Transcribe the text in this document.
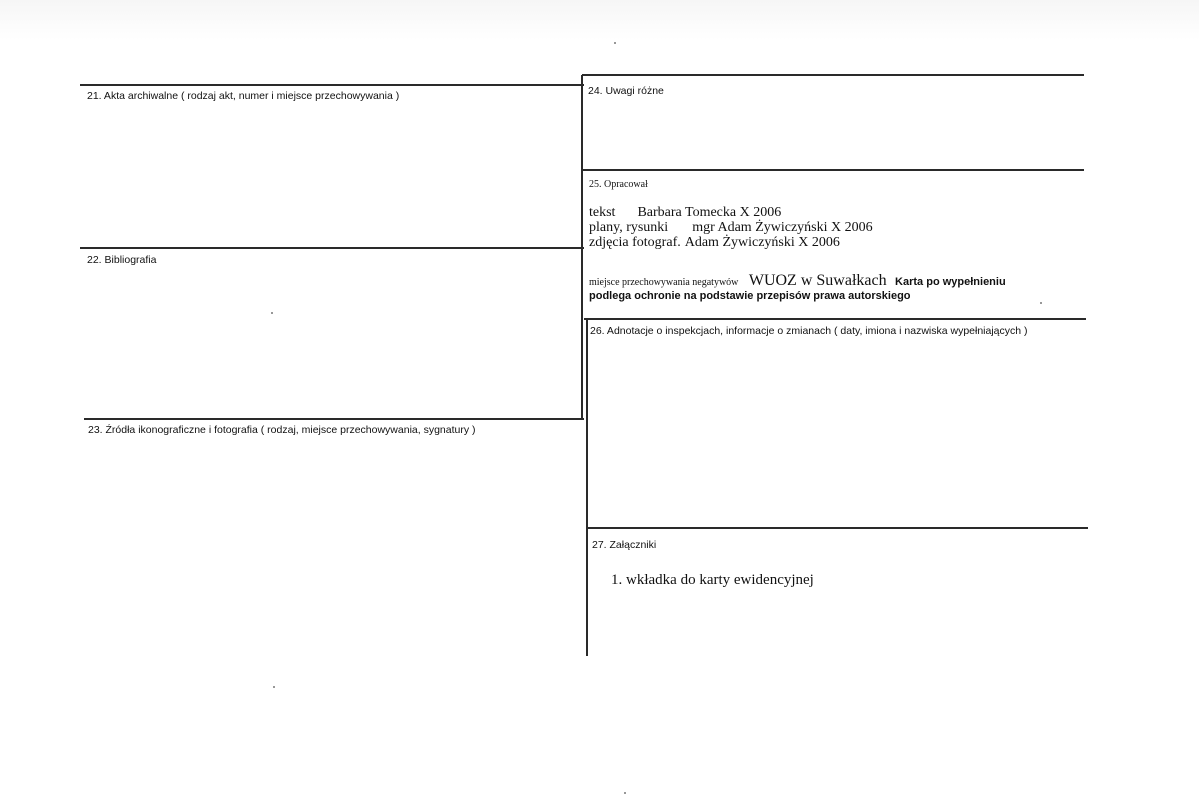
21. Akta archiwalne ( rodzaj akt, numer i miejsce przechowywania )
22. Bibliografia
23. Źródła ikonograficzne i fotografia ( rodzaj, miejsce przechowywania, sygnatury )
24. Uwagi różne
25. Opracował
tekst Barbara Tomecka X 2006
plany, rysunki mgr Adam Żywiczyński X 2006
zdjęcia fotograf. Adam Żywiczyński X 2006
miejsce przechowywania negatywów WUOZ w Suwałkach Karta po wypełnieniu
podlega ochronie na podstawie przepisów prawa autorskiego
26. Adnotacje o inspekcjach, informacje o zmianach ( daty, imiona i nazwiska wypełniających )
27. Załączniki
1. wkładka do karty ewidencyjnej
